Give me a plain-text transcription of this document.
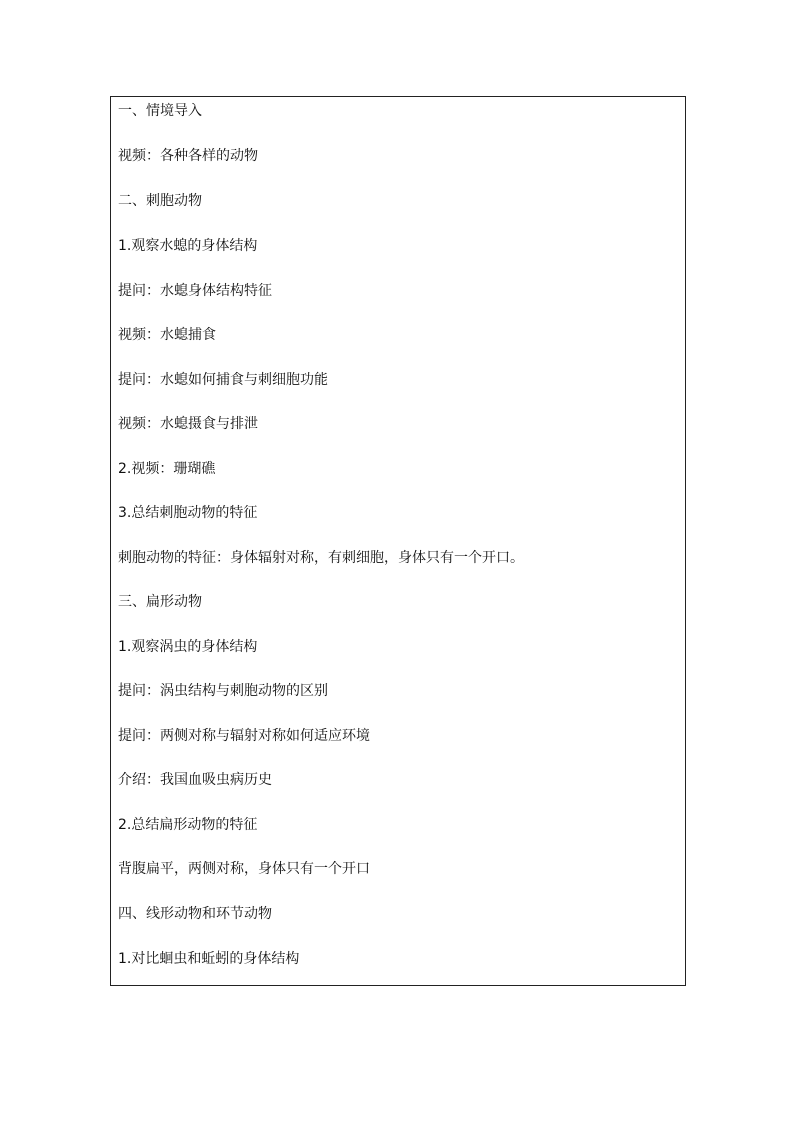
一、情境导入
视频：各种各样的动物
二、刺胞动物
1.观察水螅的身体结构
提问：水螅身体结构特征
视频：水螅捕食
提问：水螅如何捕食与刺细胞功能
视频：水螅摄食与排泄
2.视频：珊瑚礁
3.总结刺胞动物的特征
刺胞动物的特征：身体辐射对称，有刺细胞，身体只有一个开口。
三、扁形动物
1.观察涡虫的身体结构
提问：涡虫结构与刺胞动物的区别
提问：两侧对称与辐射对称如何适应环境
介绍：我国血吸虫病历史
2.总结扁形动物的特征
背腹扁平，两侧对称，身体只有一个开口
四、线形动物和环节动物
1.对比蛔虫和蚯蚓的身体结构
